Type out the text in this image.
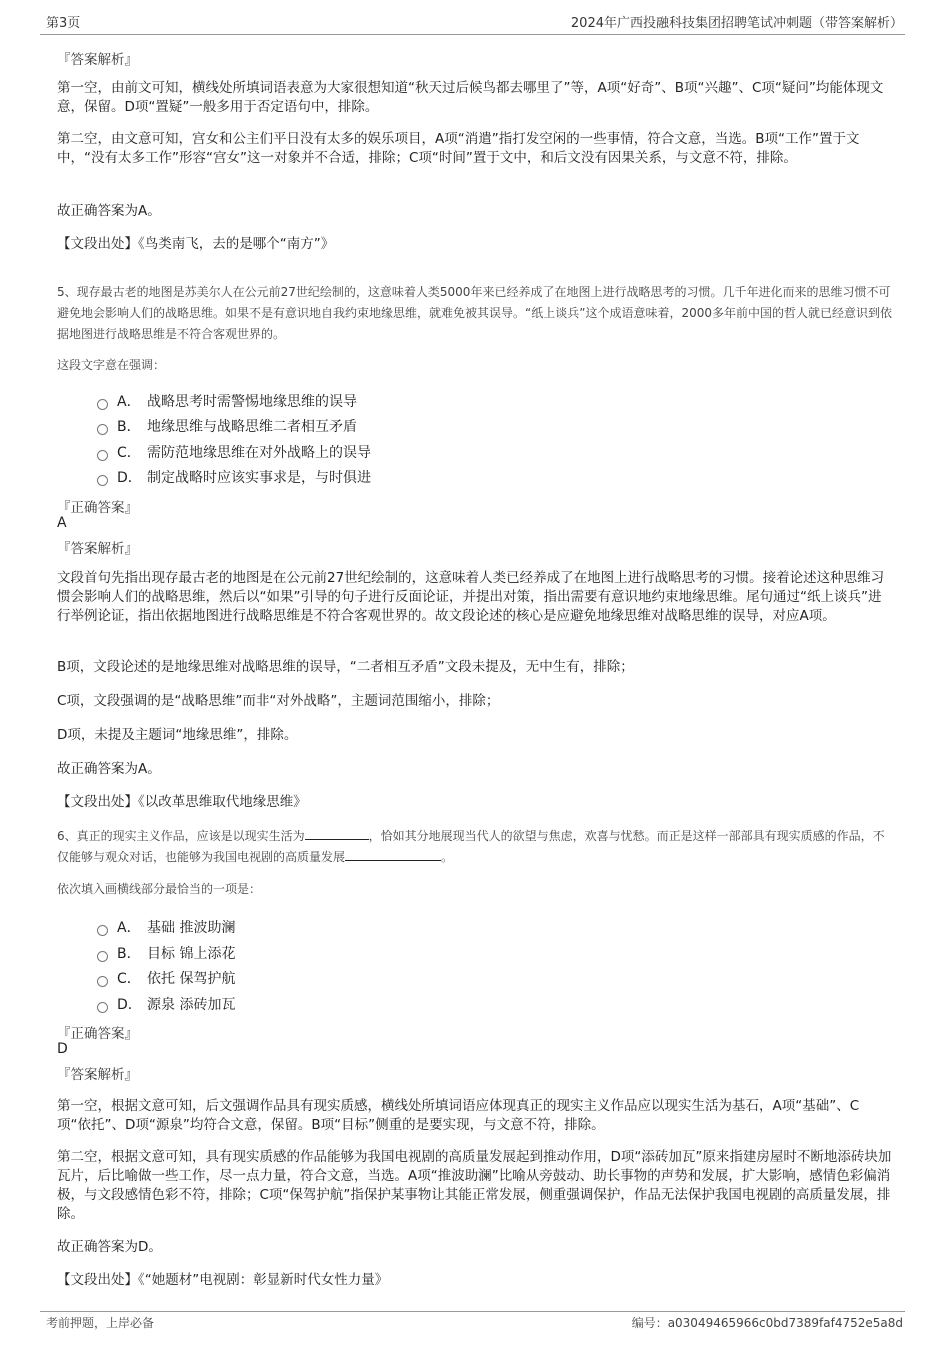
第3页	2024年广西投融科技集团招聘笔试冲刺题（带答案解析）
『答案解析』
第一空，由前文可知，横线处所填词语表意为大家很想知道“秋天过后候鸟都去哪里了”等，A项“好奇”、B项“兴趣”、C项“疑问”均能体现文意，保留。D项“置疑”一般多用于否定语句中，排除。
第二空，由文意可知，宫女和公主们平日没有太多的娱乐项目，A项“消遣”指打发空闲的一些事情，符合文意，当选。B项“工作”置于文中，“没有太多工作”形容“宫女”这一对象并不合适，排除；C项“时间”置于文中，和后文没有因果关系，与文意不符，排除。
故正确答案为A。
【文段出处】《鸟类南飞，去的是哪个“南方”》
5、现存最古老的地图是苏美尔人在公元前27世纪绘制的，这意味着人类5000年来已经养成了在地图上进行战略思考的习惯。几千年进化而来的思维习惯不可避免地会影响人们的战略思维。如果不是有意识地自我约束地缘思维，就难免被其误导。“纸上谈兵”这个成语意味着，2000多年前中国的哲人就已经意识到依据地图进行战略思维是不符合客观世界的。
这段文字意在强调：
A． 战略思考时需警惕地缘思维的误导
B． 地缘思维与战略思维二者相互矛盾
C． 需防范地缘思维在对外战略上的误导
D． 制定战略时应该实事求是，与时俱进
『正确答案』
A
『答案解析』
文段首句先指出现存最古老的地图是在公元前27世纪绘制的，这意味着人类已经养成了在地图上进行战略思考的习惯。接着论述这种思维习惯会影响人们的战略思维，然后以“如果”引导的句子进行反面论证，并提出对策，指出需要有意识地约束地缘思维。尾句通过“纸上谈兵”进行举例论证，指出依据地图进行战略思维是不符合客观世界的。故文段论述的核心是应避免地缘思维对战略思维的误导，对应A项。
B项，文段论述的是地缘思维对战略思维的误导，“二者相互矛盾”文段未提及，无中生有，排除；
C项，文段强调的是“战略思维”而非“对外战略”，主题词范围缩小，排除；
D项，未提及主题词“地缘思维”，排除。
故正确答案为A。
【文段出处】《以改革思维取代地缘思维》
6、真正的现实主义作品，应该是以现实生活为	，恰如其分地展现当代人的欲望与焦虑，欢喜与忧愁。而正是这样一部部具有现实质感的作品，不仅能够与观众对话，也能够为我国电视剧的高质量发展	。
依次填入画横线部分最恰当的一项是：
A． 基础 推波助澜
B． 目标 锦上添花
C． 依托 保驾护航
D． 源泉 添砖加瓦
『正确答案』
D
『答案解析』
第一空，根据文意可知，后文强调作品具有现实质感，横线处所填词语应体现真正的现实主义作品应以现实生活为基石，A项“基础”、C项“依托”、D项“源泉”均符合文意，保留。B项“目标”侧重的是要实现，与文意不符，排除。
第二空，根据文意可知，具有现实质感的作品能够为我国电视剧的高质量发展起到推动作用，D项“添砖加瓦”原来指建房屋时不断地添砖块加瓦片，后比喻做一些工作，尽一点力量，符合文意，当选。A项“推波助澜”比喻从旁鼓动、助长事物的声势和发展，扩大影响，感情色彩偏消极，与文段感情色彩不符，排除；C项“保驾护航”指保护某事物让其能正常发展，侧重强调保护，作品无法保护我国电视剧的高质量发展，排除。
故正确答案为D。
【文段出处】《“她题材”电视剧：彰显新时代女性力量》
考前押题，上岸必备	编号：a03049465966c0bd7389faf4752e5a8d
